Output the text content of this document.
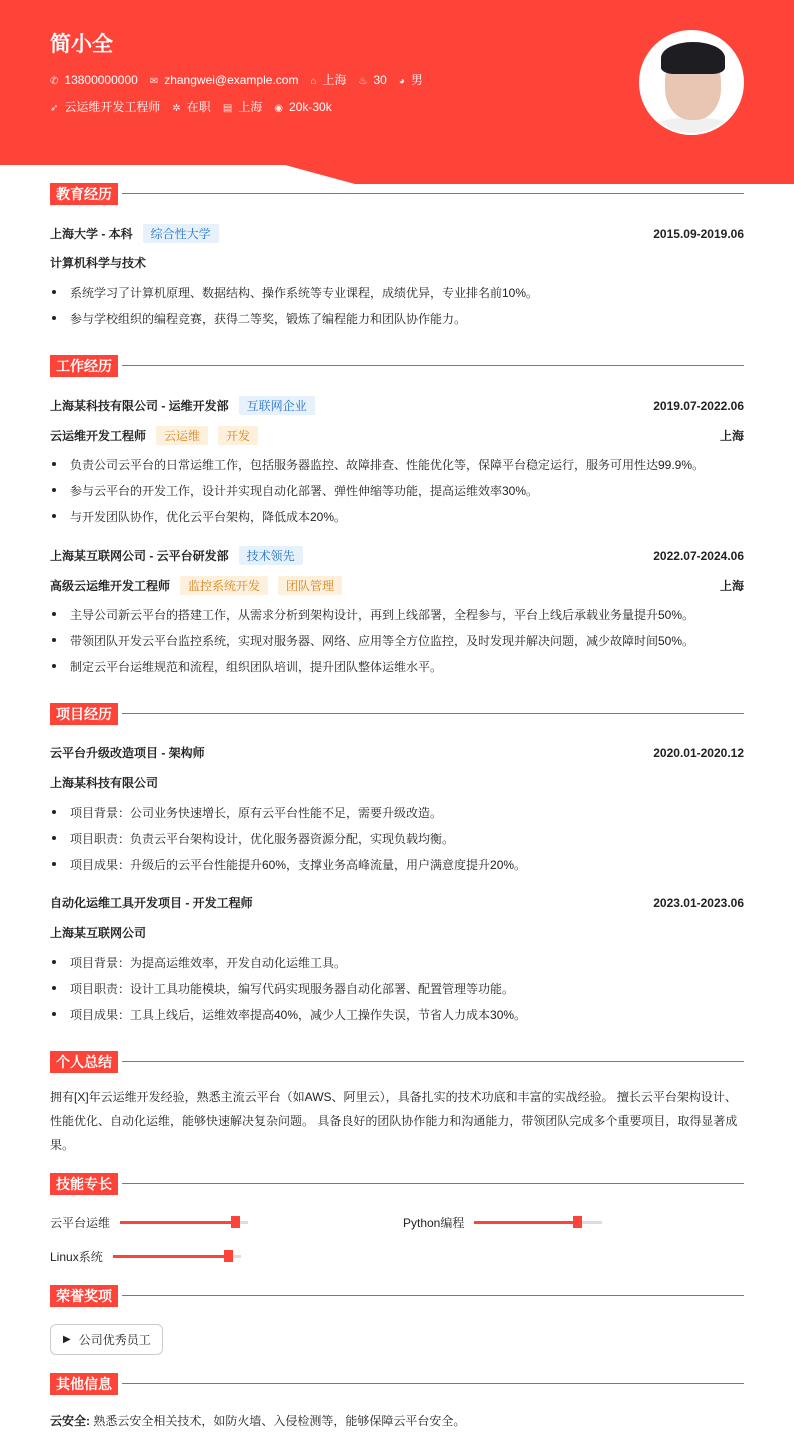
简小全
✆ 13800000000 ✉ zhangwei@example.com ⌂ 上海 ♨ 30 ◕ 男
➶ 云运维开发工程师 ✲ 在职 ▤ 上海 ◉ 20k-30k
教育经历
上海大学 - 本科	综合性大学	2015.09-2019.06
计算机科学与技术
系统学习了计算机原理、数据结构、操作系统等专业课程，成绩优异，专业排名前10%。
参与学校组织的编程竞赛，获得二等奖，锻炼了编程能力和团队协作能力。
工作经历
上海某科技有限公司 - 运维开发部	互联网企业	2019.07-2022.06
云运维开发工程师	云运维	开发	上海
负责公司云平台的日常运维工作，包括服务器监控、故障排查、性能优化等，保障平台稳定运行，服务可用性达99.9%。
参与云平台的开发工作，设计并实现自动化部署、弹性伸缩等功能，提高运维效率30%。
与开发团队协作，优化云平台架构，降低成本20%。
上海某互联网公司 - 云平台研发部	技术领先	2022.07-2024.06
高级云运维开发工程师	监控系统开发	团队管理	上海
主导公司新云平台的搭建工作，从需求分析到架构设计，再到上线部署，全程参与，平台上线后承载业务量提升50%。
带领团队开发云平台监控系统，实现对服务器、网络、应用等全方位监控，及时发现并解决问题，减少故障时间50%。
制定云平台运维规范和流程，组织团队培训，提升团队整体运维水平。
项目经历
云平台升级改造项目 - 架构师	2020.01-2020.12
上海某科技有限公司
项目背景：公司业务快速增长，原有云平台性能不足，需要升级改造。
项目职责：负责云平台架构设计，优化服务器资源分配，实现负载均衡。
项目成果：升级后的云平台性能提升60%，支撑业务高峰流量，用户满意度提升20%。
自动化运维工具开发项目 - 开发工程师	2023.01-2023.06
上海某互联网公司
项目背景：为提高运维效率，开发自动化运维工具。
项目职责：设计工具功能模块，编写代码实现服务器自动化部署、配置管理等功能。
项目成果：工具上线后，运维效率提高40%，减少人工操作失误，节省人力成本30%。
个人总结
拥有[X]年云运维开发经验，熟悉主流云平台（如AWS、阿里云），具备扎实的技术功底和丰富的实战经验。 擅长云平台架构设计、性能优化、自动化运维，能够快速解决复杂问题。 具备良好的团队协作能力和沟通能力，带领团队完成多个重要项目，取得显著成果。
技能专长
云平台运维	Python编程
Linux系统
荣誉奖项
▶ 公司优秀员工
其他信息
云安全: 熟悉云安全相关技术，如防火墙、入侵检测等，能够保障云平台安全。
